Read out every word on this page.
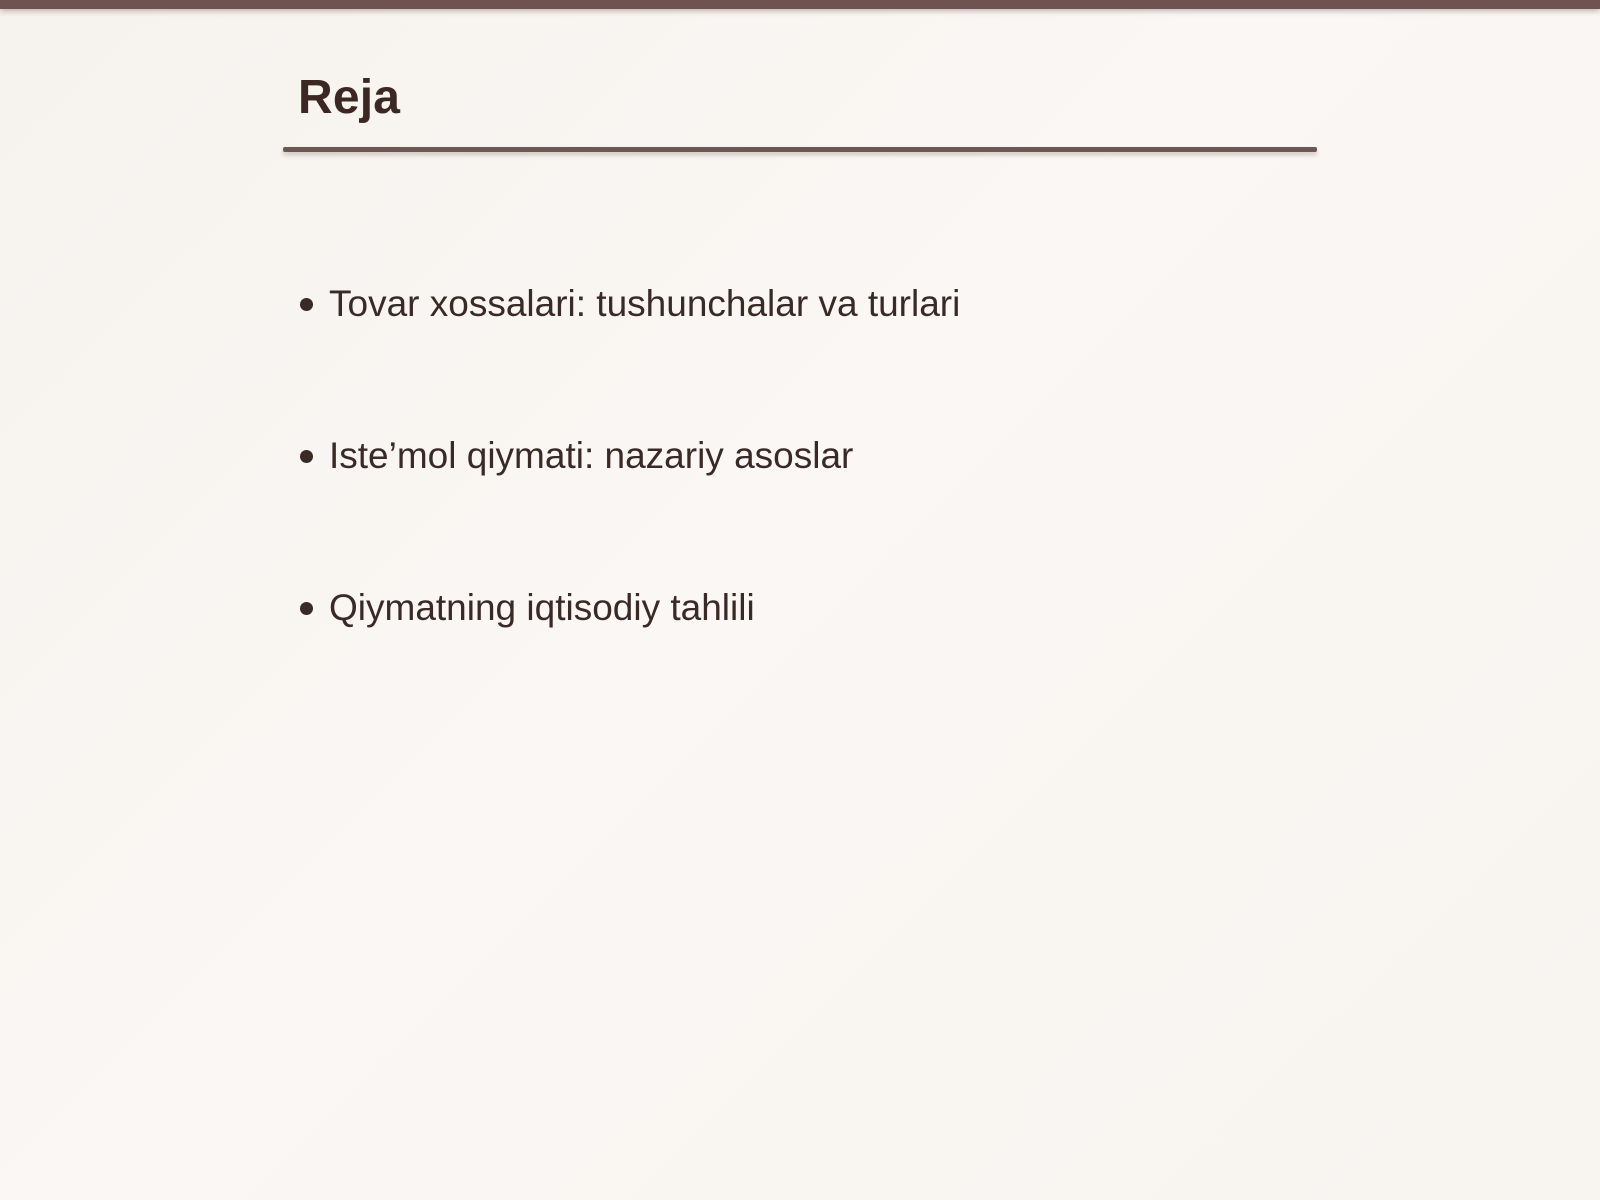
Reja
Tovar xossalari: tushunchalar va turlari
Iste’mol qiymati: nazariy asoslar
Qiymatning iqtisodiy tahlili
